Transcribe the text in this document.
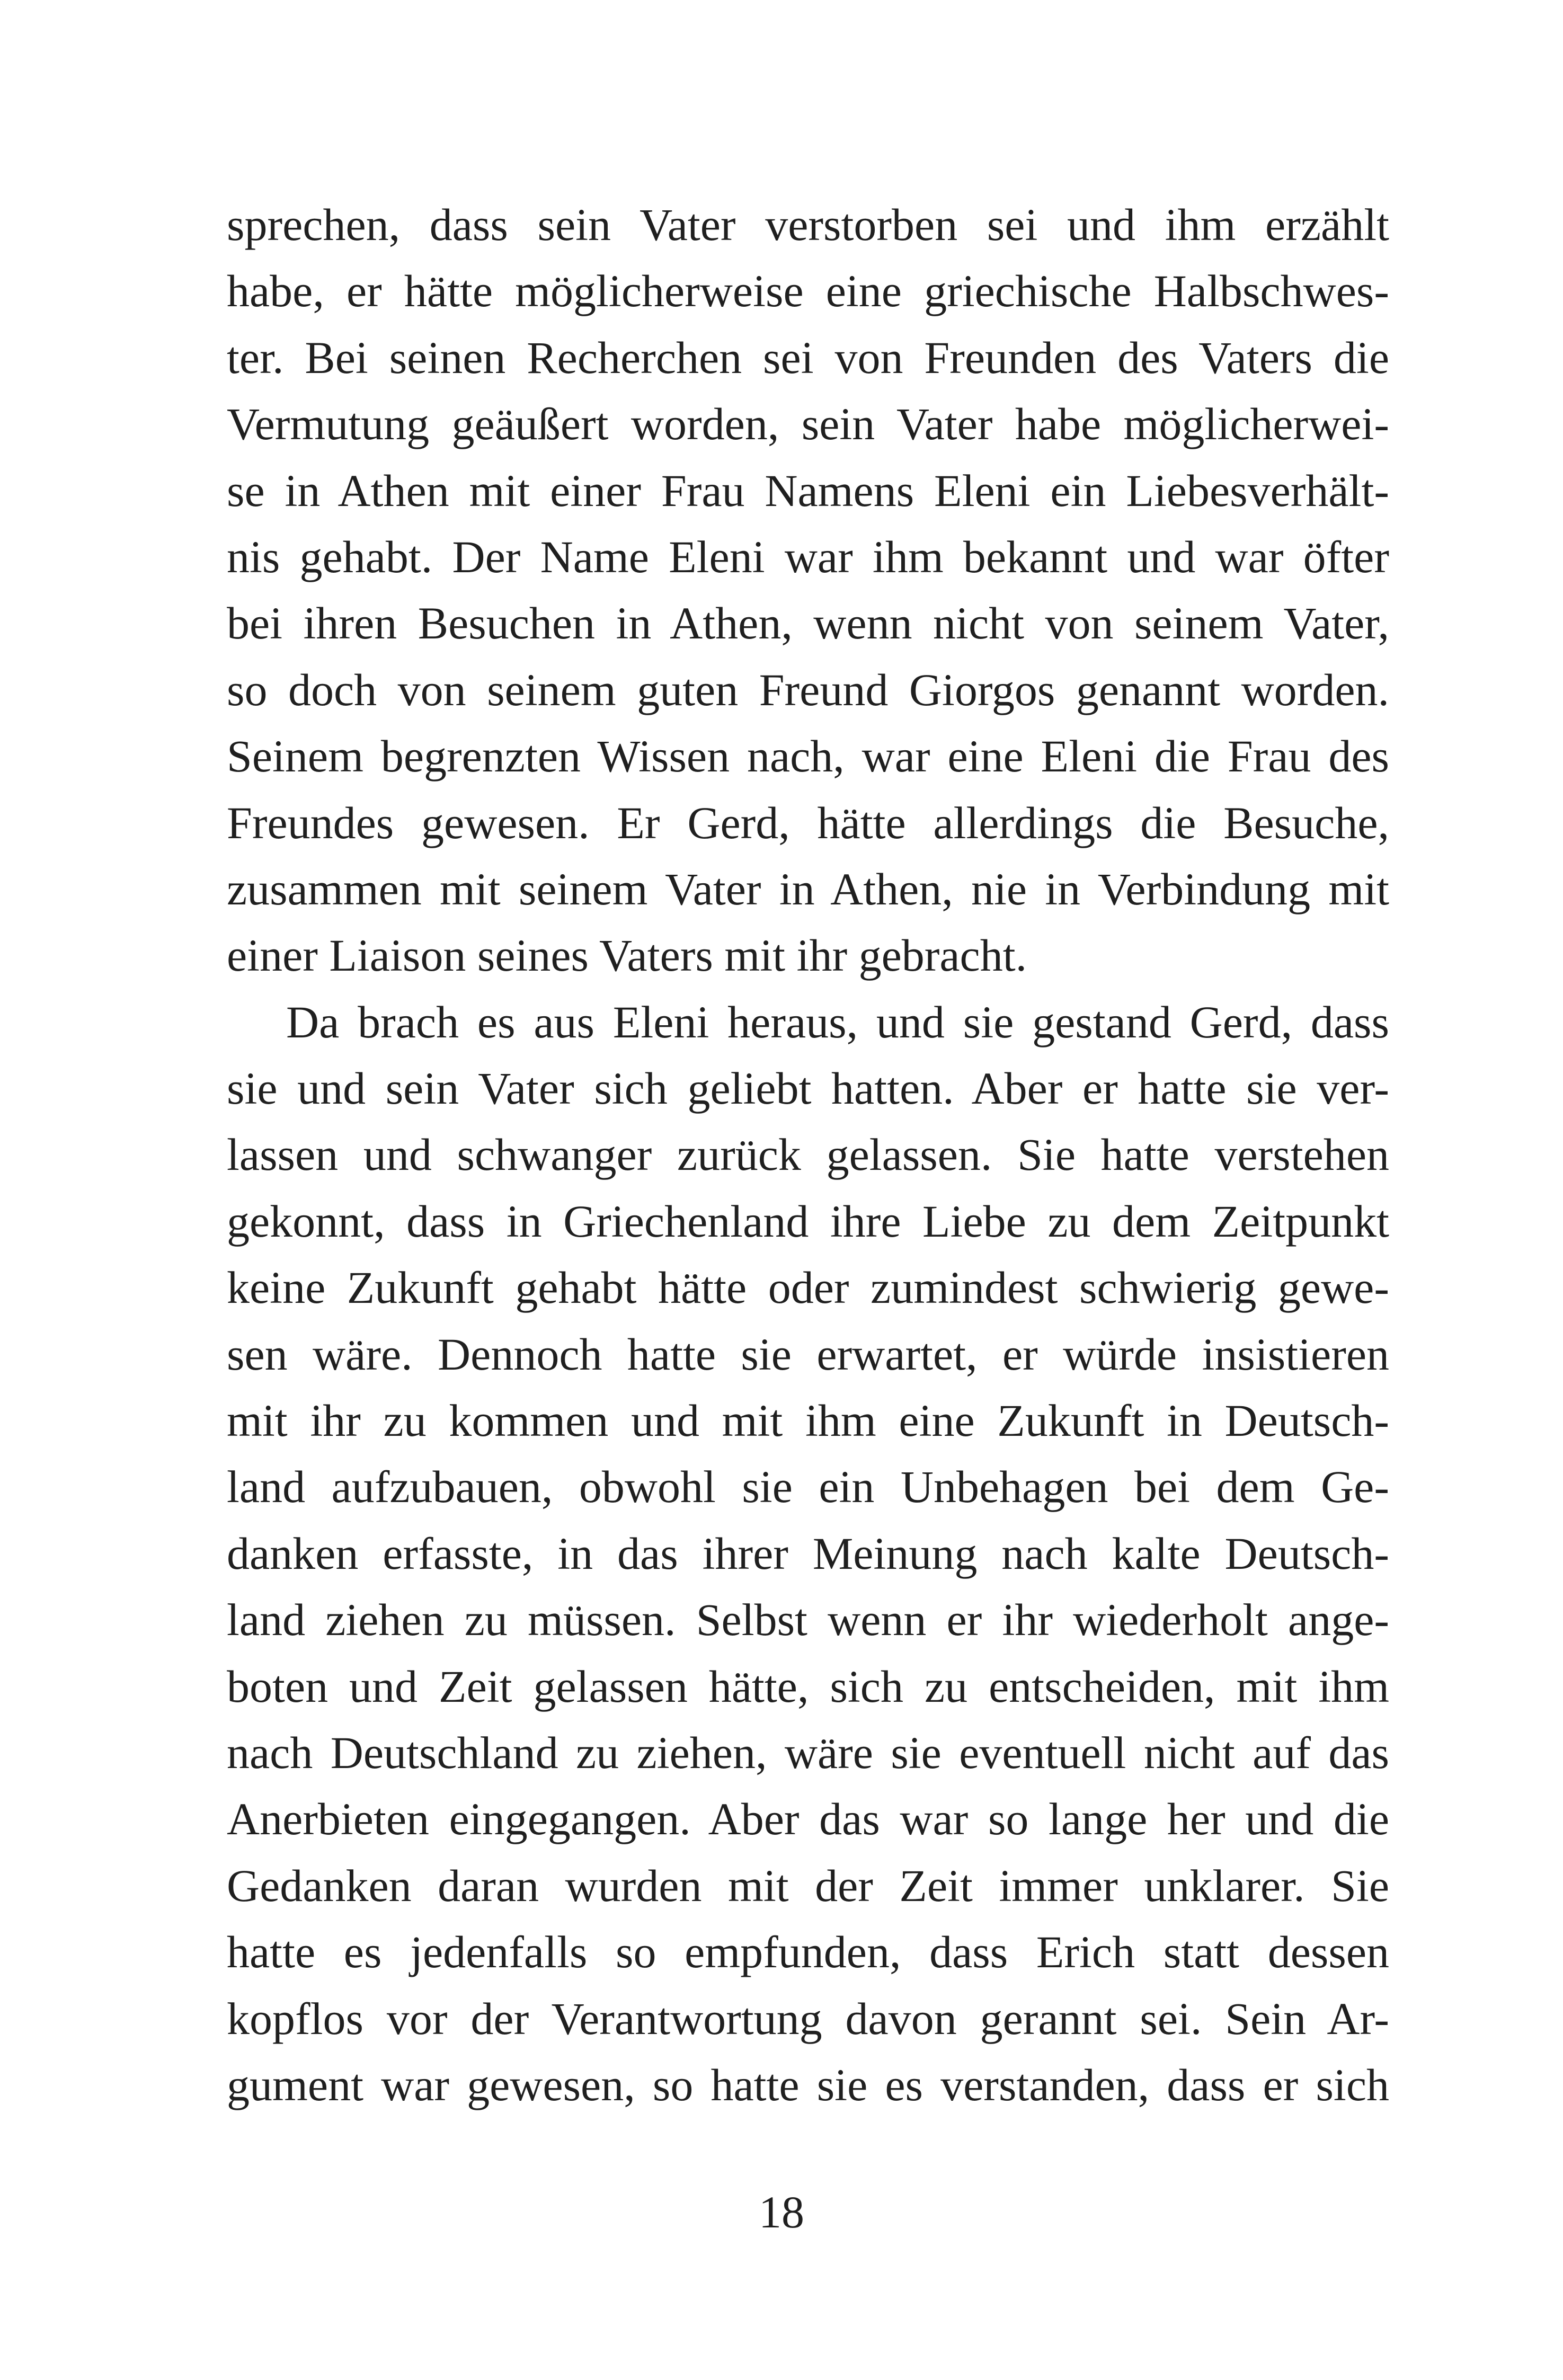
sprechen, dass sein Vater verstorben sei und ihm erzählt
habe, er hätte möglicherweise eine griechische Halbschwes-
ter. Bei seinen Recherchen sei von Freunden des Vaters die
Vermutung geäußert worden, sein Vater habe möglicherwei-
se in Athen mit einer Frau Namens Eleni ein Liebesverhält-
nis gehabt. Der Name Eleni war ihm bekannt und war öfter
bei ihren Besuchen in Athen, wenn nicht von seinem Vater,
so doch von seinem guten Freund Giorgos genannt worden.
Seinem begrenzten Wissen nach, war eine Eleni die Frau des
Freundes gewesen. Er Gerd, hätte allerdings die Besuche,
zusammen mit seinem Vater in Athen, nie in Verbindung mit
einer Liaison seines Vaters mit ihr gebracht.
Da brach es aus Eleni heraus, und sie gestand Gerd, dass
sie und sein Vater sich geliebt hatten. Aber er hatte sie ver-
lassen und schwanger zurück gelassen. Sie hatte verstehen
gekonnt, dass in Griechenland ihre Liebe zu dem Zeitpunkt
keine Zukunft gehabt hätte oder zumindest schwierig gewe-
sen wäre. Dennoch hatte sie erwartet, er würde insistieren
mit ihr zu kommen und mit ihm eine Zukunft in Deutsch-
land aufzubauen, obwohl sie ein Unbehagen bei dem Ge-
danken erfasste, in das ihrer Meinung nach kalte Deutsch-
land ziehen zu müssen. Selbst wenn er ihr wiederholt ange-
boten und Zeit gelassen hätte, sich zu entscheiden, mit ihm
nach Deutschland zu ziehen, wäre sie eventuell nicht auf das
Anerbieten eingegangen. Aber das war so lange her und die
Gedanken daran wurden mit der Zeit immer unklarer. Sie
hatte es jedenfalls so empfunden, dass Erich statt dessen
kopflos vor der Verantwortung davon gerannt sei. Sein Ar-
gument war gewesen, so hatte sie es verstanden, dass er sich
18
